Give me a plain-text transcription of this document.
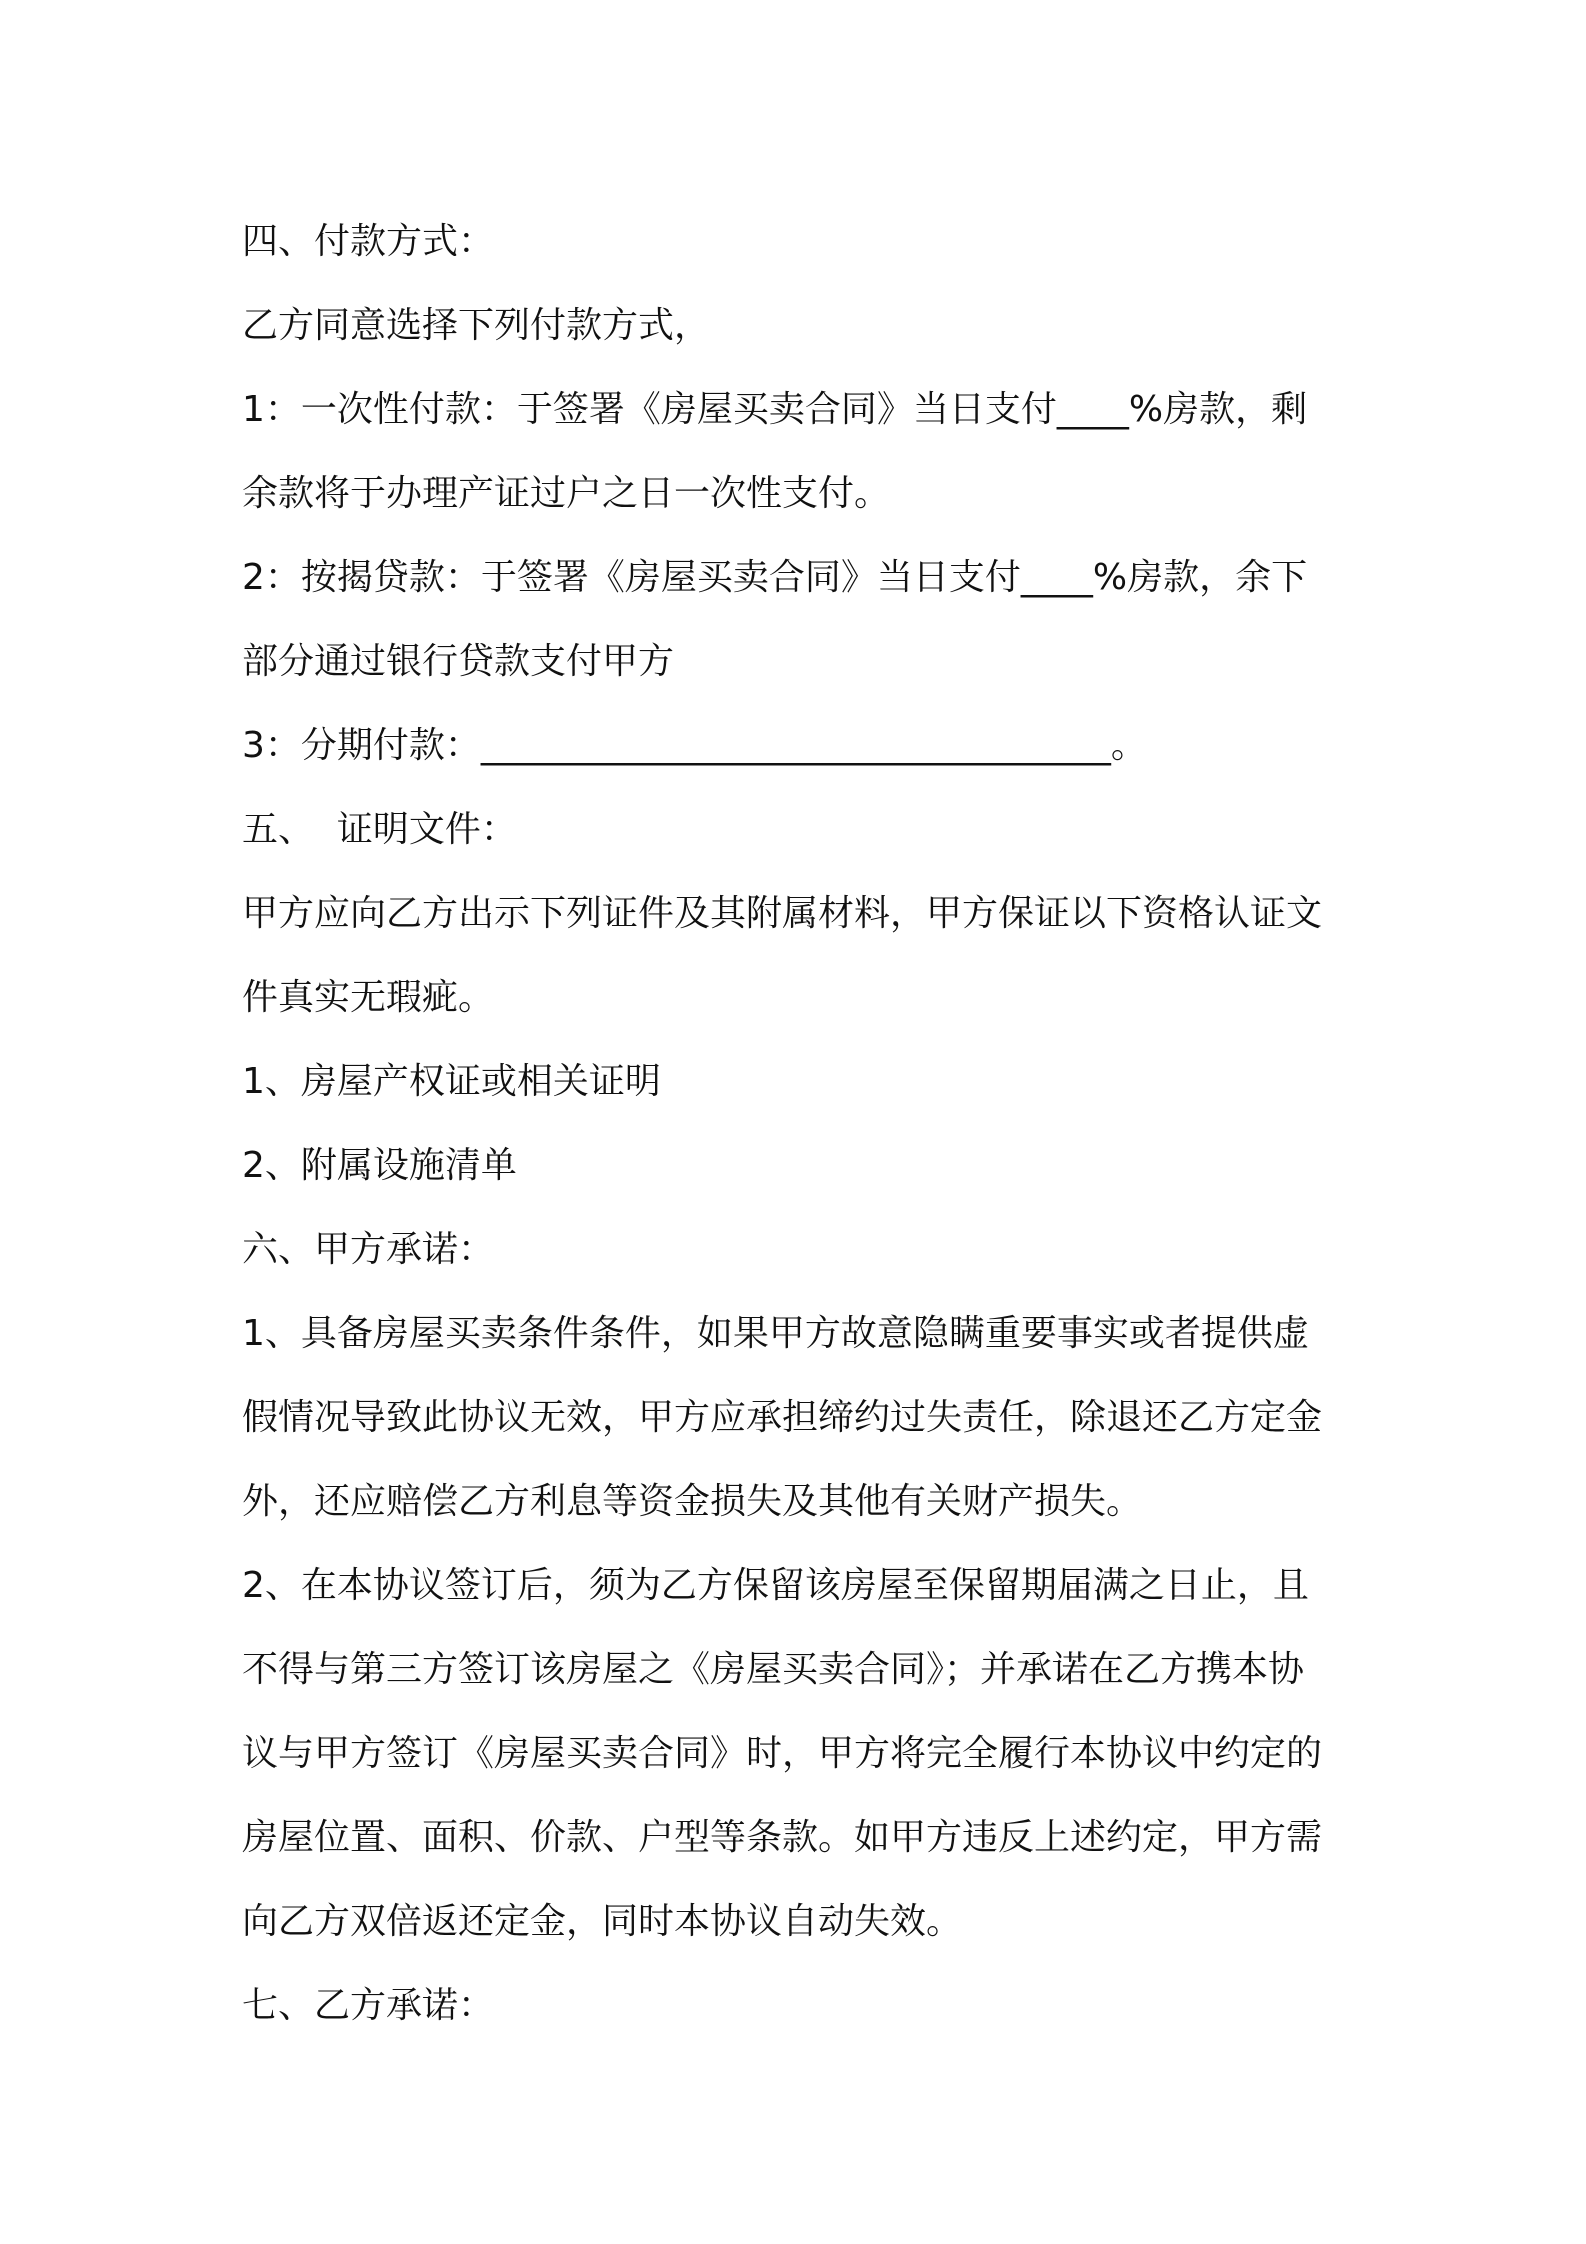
四、付款方式：
乙方同意选择下列付款方式，
1：一次性付款：于签署《房屋买卖合同》当日支付____%房款，剩
余款将于办理产证过户之日一次性支付。
2：按揭贷款：于签署《房屋买卖合同》当日支付____%房款，余下
部分通过银行贷款支付甲方
3：分期付款：___________________________________。
五、  证明文件：
甲方应向乙方出示下列证件及其附属材料，甲方保证以下资格认证文
件真实无瑕疵。
1、房屋产权证或相关证明
2、附属设施清单
六、甲方承诺：
1、具备房屋买卖条件条件，如果甲方故意隐瞒重要事实或者提供虚
假情况导致此协议无效，甲方应承担缔约过失责任，除退还乙方定金
外，还应赔偿乙方利息等资金损失及其他有关财产损失。
2、在本协议签订后，须为乙方保留该房屋至保留期届满之日止，且
不得与第三方签订该房屋之《房屋买卖合同》；并承诺在乙方携本协
议与甲方签订《房屋买卖合同》时，甲方将完全履行本协议中约定的
房屋位置、面积、价款、户型等条款。如甲方违反上述约定，甲方需
向乙方双倍返还定金，同时本协议自动失效。
七、乙方承诺：
